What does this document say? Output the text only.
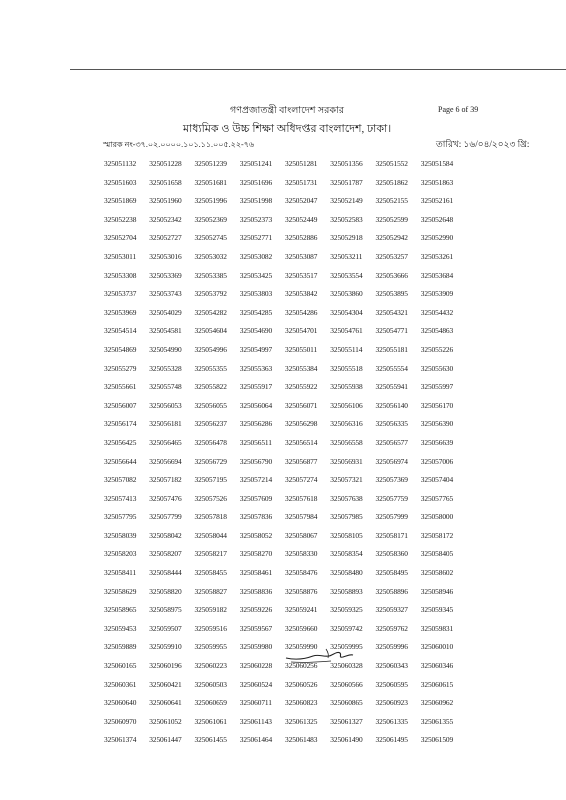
গণপ্রজাতন্ত্রী বাংলাদেশ সরকার	Page 6 of 39
মাধ্যমিক ও উচ্চ শিক্ষা অধিদপ্তর বাংলাদেশ, ঢাকা।
স্মারক নং-৩৭.০২.০০০০.১০১.১১.০০৫.২২-৭৬	তারিখ: ১৬/০৪/২০২৩ খ্রি:
325051132	325051228	325051239	325051241	325051281	325051356	325051552	325051584
325051603	325051658	325051681	325051696	325051731	325051787	325051862	325051863
325051869	325051960	325051996	325051998	325052047	325052149	325052155	325052161
325052238	325052342	325052369	325052373	325052449	325052583	325052599	325052648
325052704	325052727	325052745	325052771	325052886	325052918	325052942	325052990
325053011	325053016	325053032	325053082	325053087	325053211	325053257	325053261
325053308	325053369	325053385	325053425	325053517	325053554	325053666	325053684
325053737	325053743	325053792	325053803	325053842	325053860	325053895	325053909
325053969	325054029	325054282	325054285	325054286	325054304	325054321	325054432
325054514	325054581	325054604	325054690	325054701	325054761	325054771	325054863
325054869	325054990	325054996	325054997	325055011	325055114	325055181	325055226
325055279	325055328	325055355	325055363	325055384	325055518	325055554	325055630
325055661	325055748	325055822	325055917	325055922	325055938	325055941	325055997
325056007	325056053	325056055	325056064	325056071	325056106	325056140	325056170
325056174	325056181	325056237	325056286	325056298	325056316	325056335	325056390
325056425	325056465	325056478	325056511	325056514	325056558	325056577	325056639
325056644	325056694	325056729	325056790	325056877	325056931	325056974	325057006
325057082	325057182	325057195	325057214	325057274	325057321	325057369	325057404
325057413	325057476	325057526	325057609	325057618	325057638	325057759	325057765
325057795	325057799	325057818	325057836	325057984	325057985	325057999	325058000
325058039	325058042	325058044	325058052	325058067	325058105	325058171	325058172
325058203	325058207	325058217	325058270	325058330	325058354	325058360	325058405
325058411	325058444	325058455	325058461	325058476	325058480	325058495	325058602
325058629	325058820	325058827	325058836	325058876	325058893	325058896	325058946
325058965	325058975	325059182	325059226	325059241	325059325	325059327	325059345
325059453	325059507	325059516	325059567	325059660	325059742	325059762	325059831
325059889	325059910	325059955	325059980	325059990	325059995	325059996	325060010
325060165	325060196	325060223	325060228	325060256	325060328	325060343	325060346
325060361	325060421	325060503	325060524	325060526	325060566	325060595	325060615
325060640	325060641	325060659	325060711	325060823	325060865	325060923	325060962
325060970	325061052	325061061	325061143	325061325	325061327	325061335	325061355
325061374	325061447	325061455	325061464	325061483	325061490	325061495	325061509
